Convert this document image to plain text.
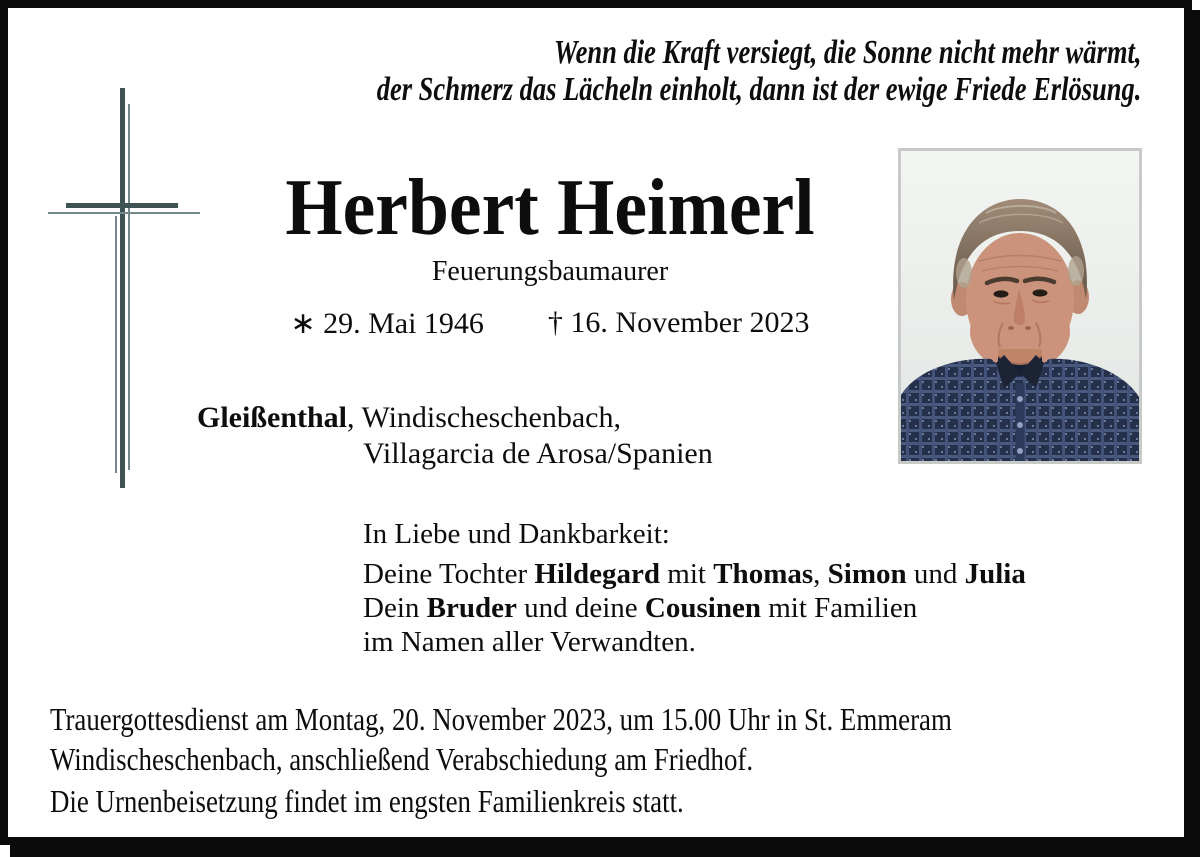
Wenn die Kraft versiegt, die Sonne nicht mehr wärmt,
der Schmerz das Lächeln einholt, dann ist der ewige Friede Erlösung.
Herbert Heimerl
Feuerungsbaumaurer
∗ 29. Mai 1946 † 16. November 2023
Gleißenthal, Windischeschenbach,
Villagarcia de Arosa/Spanien
In Liebe und Dankbarkeit:
Deine Tochter Hildegard mit Thomas, Simon und Julia
Dein Bruder und deine Cousinen mit Familien
im Namen aller Verwandten.
Trauergottesdienst am Montag, 20. November 2023, um 15.00 Uhr in St. Emmeram
Windischeschenbach, anschließend Verabschiedung am Friedhof.
Die Urnenbeisetzung findet im engsten Familienkreis statt.
